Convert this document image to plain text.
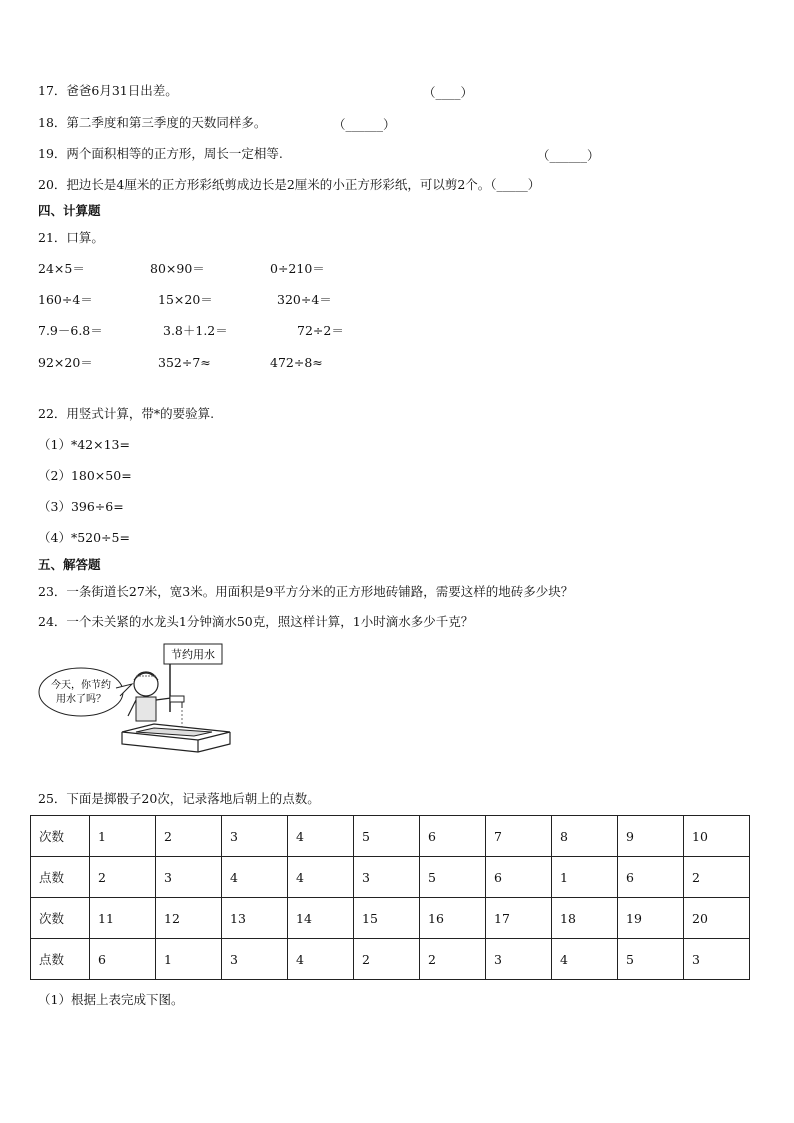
17．爸爸6月31日出差。	（____）
18．第二季度和第三季度的天数同样多。	（______）
19．两个面积相等的正方形，周长一定相等.	（______）
20．把边长是4厘米的正方形彩纸剪成边长是2厘米的小正方形彩纸，可以剪2个。（_____）
四、计算题
21．口算。
24×5＝	80×90＝	0÷210＝
160÷4＝	15×20＝	320÷4＝
7.9－6.8＝	3.8＋1.2＝	72÷2＝
92×20＝	352÷7≈	472÷8≈
22．用竖式计算，带*的要验算.
（1）*42×13=
（2）180×50=
（3）396÷6=
（4）*520÷5=
五、解答题
23．一条街道长27米，宽3米。用面积是9平方分米的正方形地砖铺路，需要这样的地砖多少块？
24．一个未关紧的水龙头1分钟滴水50克，照这样计算，1小时滴水多少千克？
节约用水
今天，你节约
用水了吗？
25．下面是掷骰子20次，记录落地后朝上的点数。
次数	1	2	3	4	5	6	7	8	9	10
点数	2	3	4	4	3	5	6	1	6	2
次数	11	12	13	14	15	16	17	18	19	20
点数	6	1	3	4	2	2	3	4	5	3
（1）根据上表完成下图。
